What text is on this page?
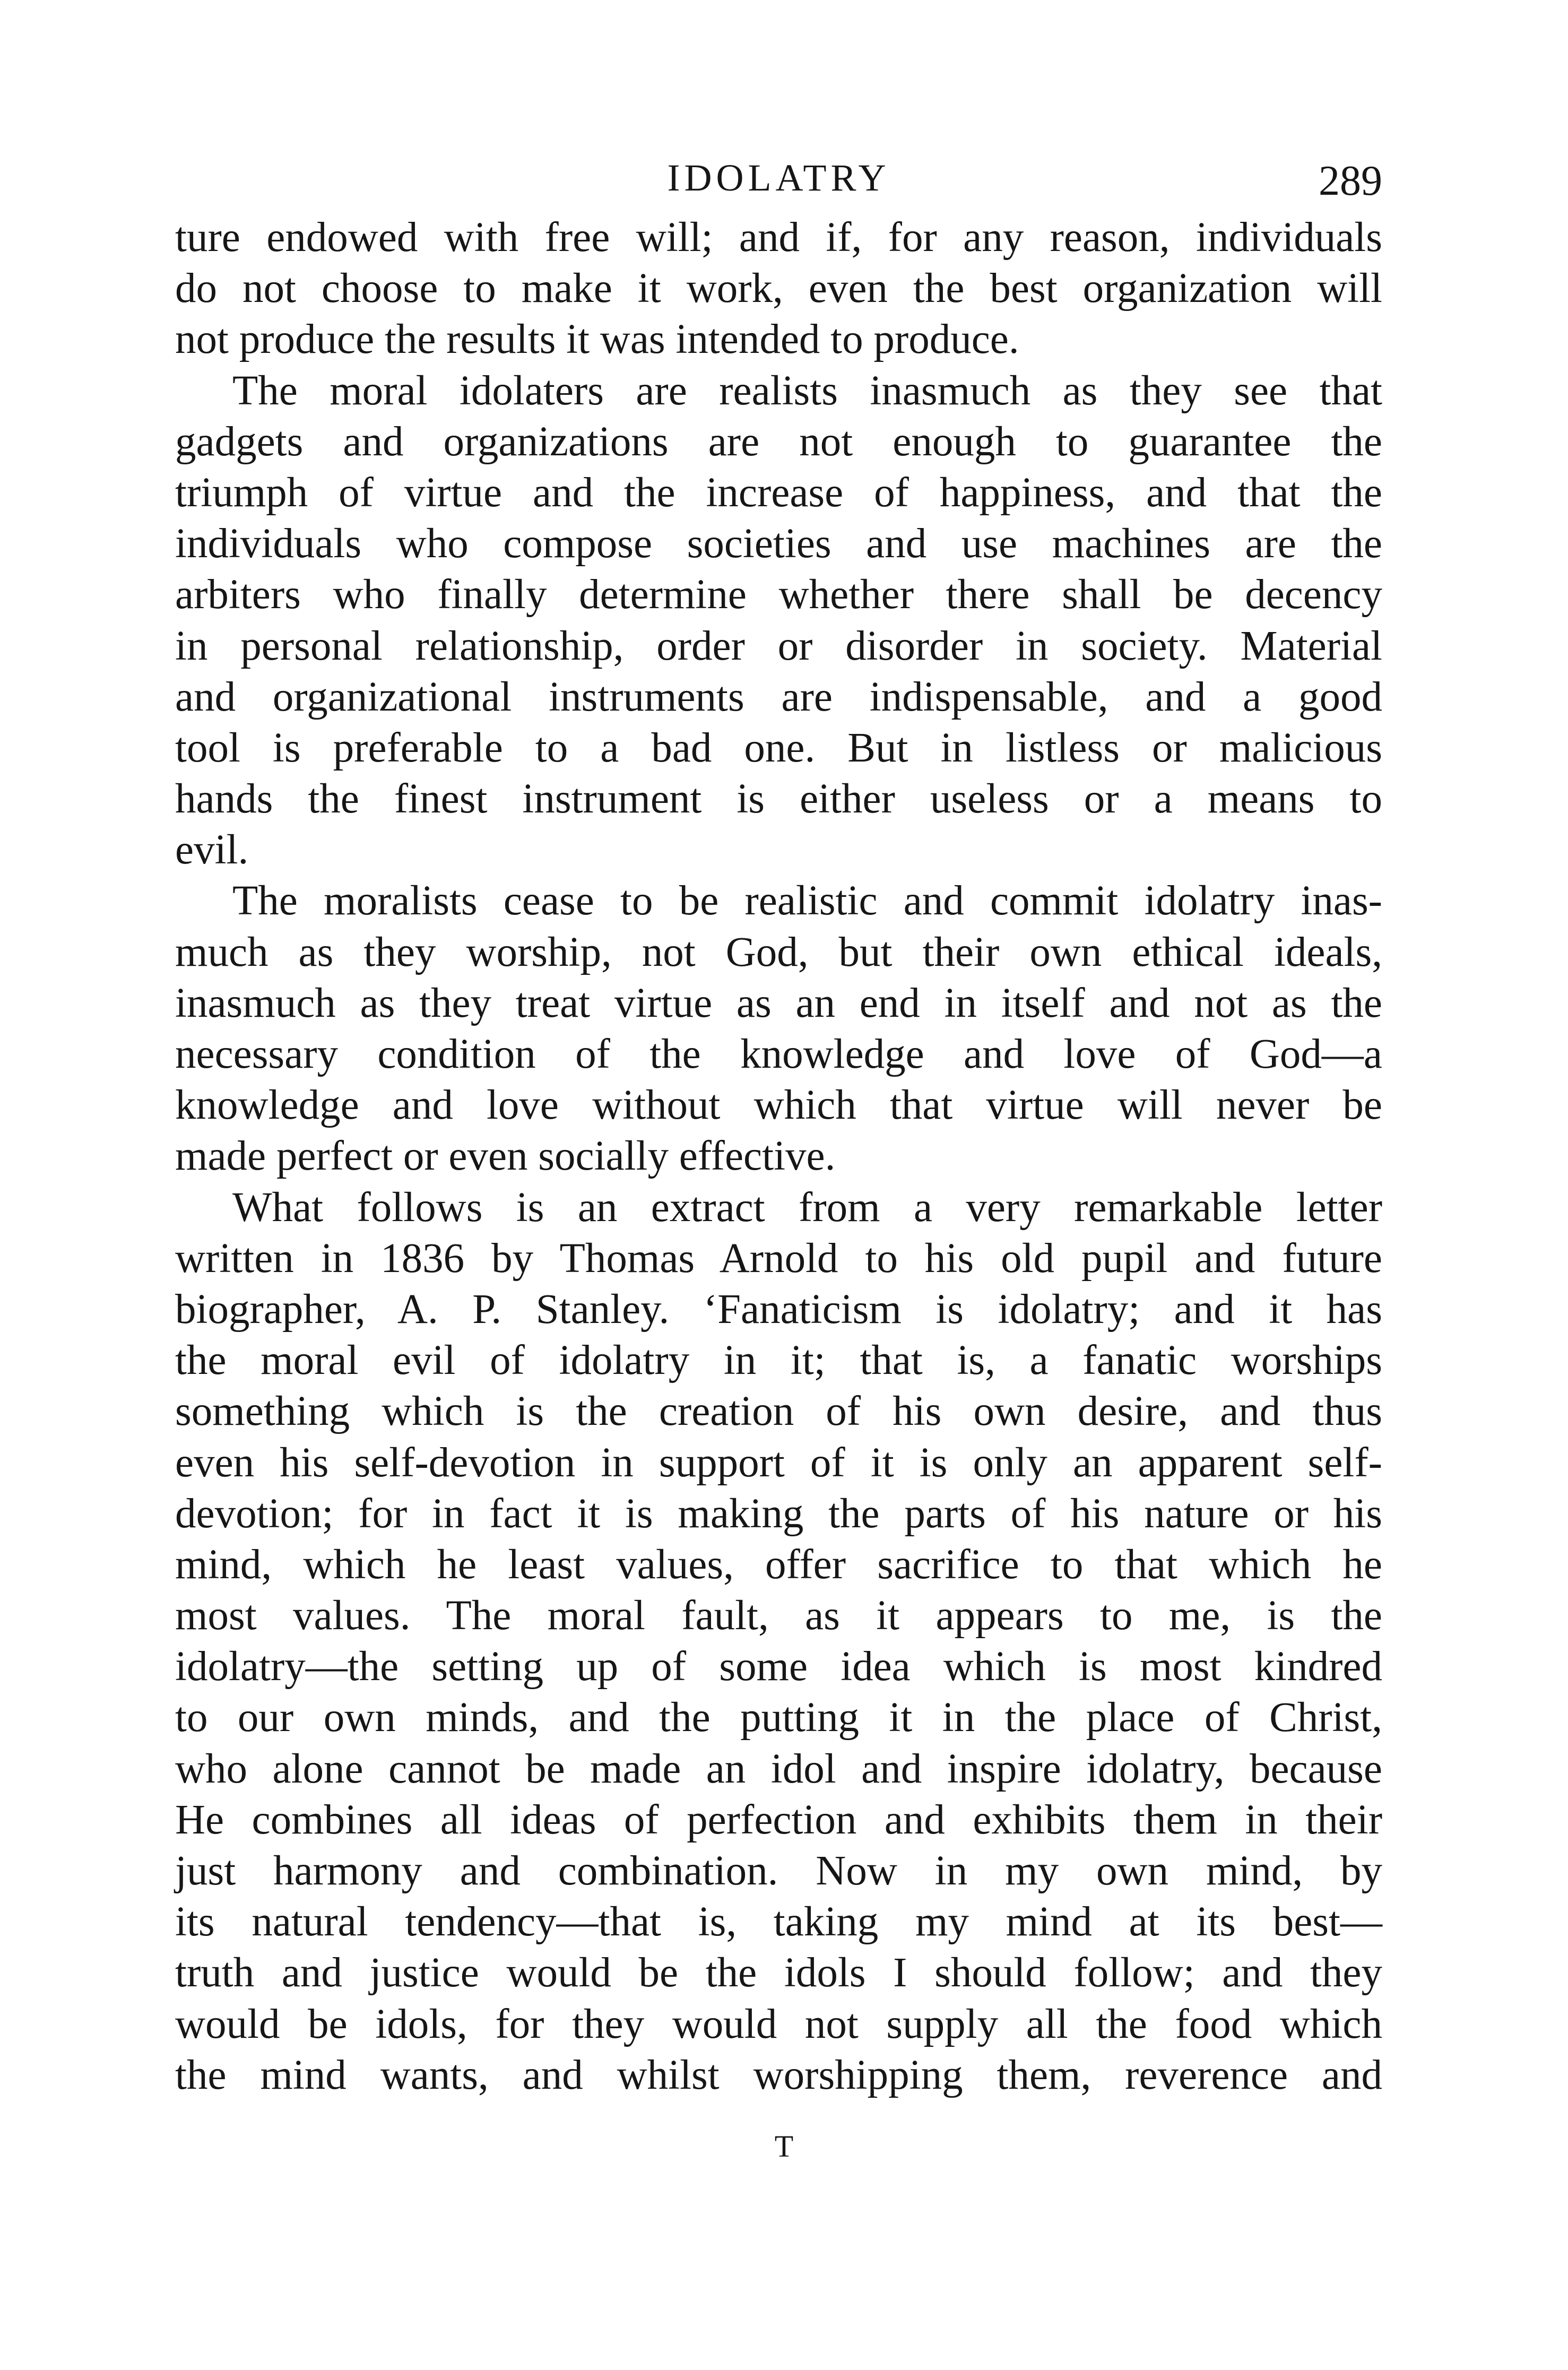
IDOLATRY	289
ture endowed with free will; and if, for any reason, individuals
do not choose to make it work, even the best organization will
not produce the results it was intended to produce.
The moral idolaters are realists inasmuch as they see that
gadgets and organizations are not enough to guarantee the
triumph of virtue and the increase of happiness, and that the
individuals who compose societies and use machines are the
arbiters who finally determine whether there shall be decency
in personal relationship, order or disorder in society. Material
and organizational instruments are indispensable, and a good
tool is preferable to a bad one. But in listless or malicious
hands the finest instrument is either useless or a means to
evil.
The moralists cease to be realistic and commit idolatry inas-
much as they worship, not God, but their own ethical ideals,
inasmuch as they treat virtue as an end in itself and not as the
necessary condition of the knowledge and love of God—a
knowledge and love without which that virtue will never be
made perfect or even socially effective.
What follows is an extract from a very remarkable letter
written in 1836 by Thomas Arnold to his old pupil and future
biographer, A. P. Stanley. ‘Fanaticism is idolatry; and it has
the moral evil of idolatry in it; that is, a fanatic worships
something which is the creation of his own desire, and thus
even his self-devotion in support of it is only an apparent self-
devotion; for in fact it is making the parts of his nature or his
mind, which he least values, offer sacrifice to that which he
most values. The moral fault, as it appears to me, is the
idolatry—the setting up of some idea which is most kindred
to our own minds, and the putting it in the place of Christ,
who alone cannot be made an idol and inspire idolatry, because
He combines all ideas of perfection and exhibits them in their
just harmony and combination. Now in my own mind, by
its natural tendency—that is, taking my mind at its best—
truth and justice would be the idols I should follow; and they
would be idols, for they would not supply all the food which
the mind wants, and whilst worshipping them, reverence and
T
